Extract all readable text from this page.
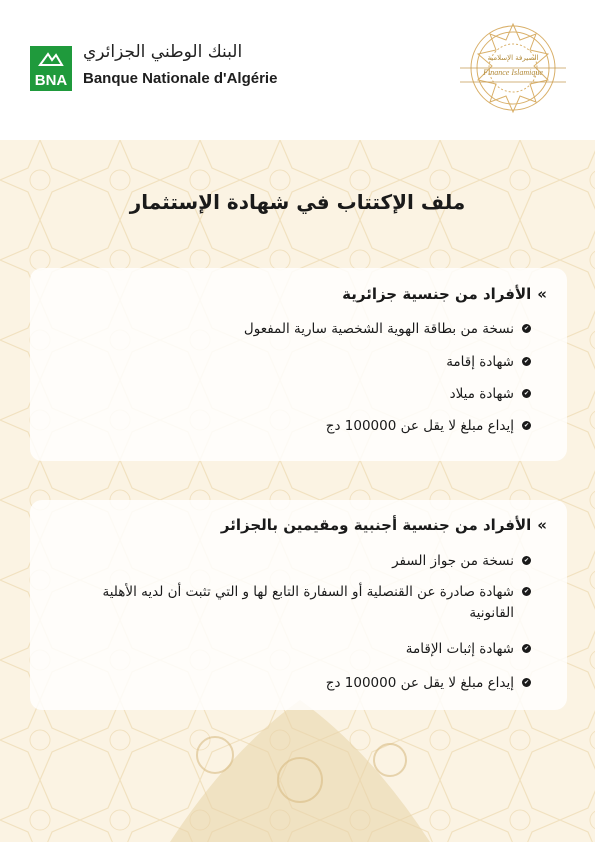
BNA
البنك الوطني الجزائري
Banque Nationale d'Algérie
الصيرفة الإسلامية
Finance Islamique
ملف الإكتتاب في شهادة الإستثمار
»
الأفراد من جنسية جزائرية
✔
نسخة من بطاقة الهوية الشخصية سارية المفعول
✔
شهادة إقامة
✔
شهادة ميلاد
✔
إيداع مبلغ لا يقل عن 100000 دج
»
الأفراد من جنسية أجنبية ومقيمين بالجزائر
✔
نسخة من جواز السفر
✔
شهادة صادرة عن القنصلية أو السفارة التابع لها و التي تثبت أن لديه الأهلية القانونية
✔
شهادة إثبات الإقامة
✔
إيداع مبلغ لا يقل عن 100000 دج
